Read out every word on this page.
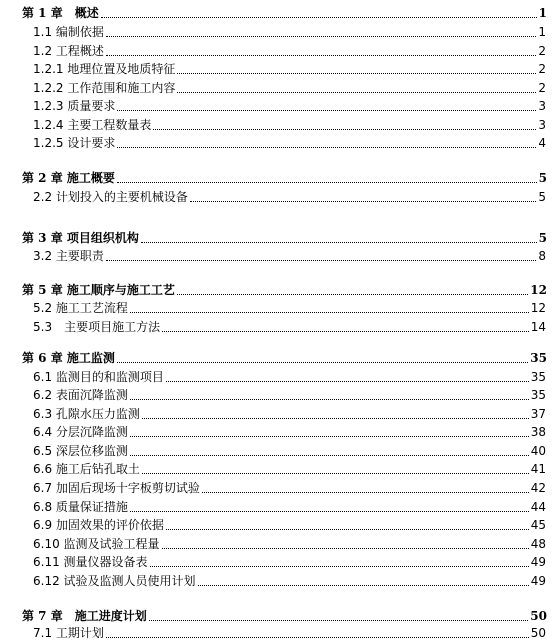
第 1 章　概述	1
1.1 编制依据	1
1.2 工程概述	2
1.2.1 地理位置及地质特征	2
1.2.2 工作范围和施工内容	2
1.2.3 质量要求	3
1.2.4 主要工程数量表	3
1.2.5 设计要求	4
第 2 章 施工概要	5
2.2 计划投入的主要机械设备	5
第 3 章 项目组织机构	5
3.2 主要职责	8
第 5 章 施工顺序与施工工艺	12
5.2 施工工艺流程	12
5.3　主要项目施工方法	14
第 6 章 施工监测	35
6.1 监测目的和监测项目	35
6.2 表面沉降监测	35
6.3 孔隙水压力监测	37
6.4 分层沉降监测	38
6.5 深层位移监测	40
6.6 施工后钻孔取土	41
6.7 加固后现场十字板剪切试验	42
6.8 质量保证措施	44
6.9 加固效果的评价依据	45
6.10 监测及试验工程量	48
6.11 测量仪器设备表	49
6.12 试验及监测人员使用计划	49
第 7 章　施工进度计划	50
7.1 工期计划	50
